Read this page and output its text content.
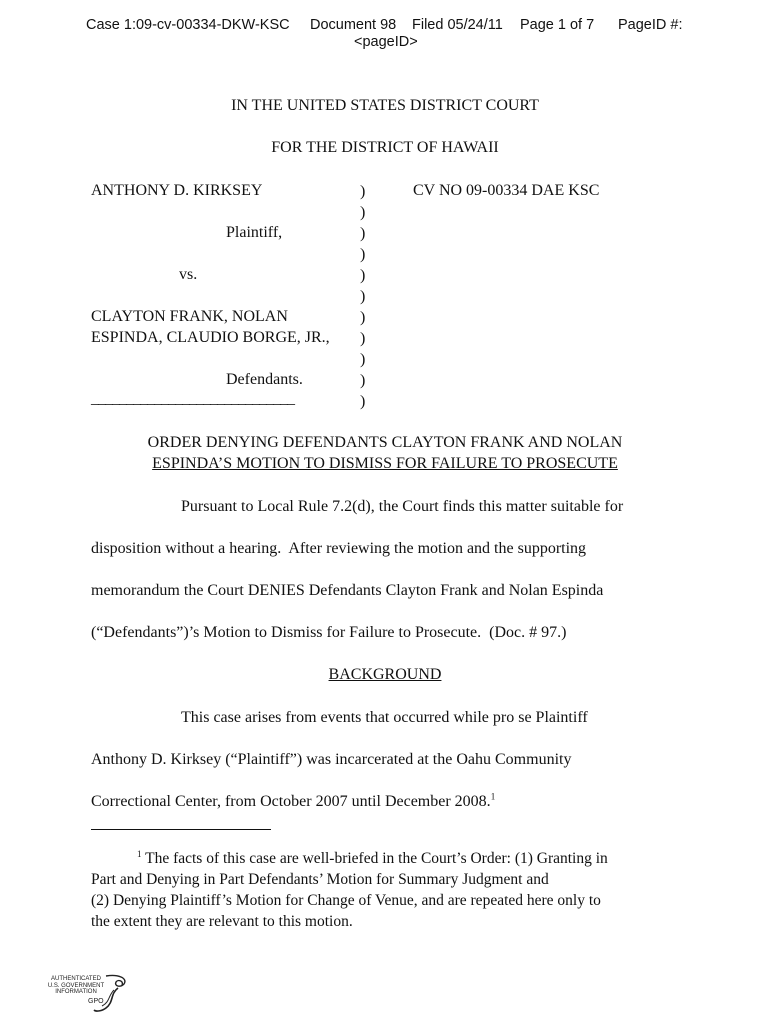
Case 1:09-cv-00334-DKW-KSC Document 98 Filed 05/24/11 Page 1 of 7 PageID #:
<pageID>
IN THE UNITED STATES DISTRICT COURT
FOR THE DISTRICT OF HAWAII
ANTHONY D. KIRKSEY
Plaintiff,
vs.
CLAYTON FRANK, NOLAN
ESPINDA, CLAUDIO BORGE, JR.,
Defendants.
_____________________________
)
)
)
)
)
)
)
)
)
)
)
CV NO 09-00334 DAE KSC
ORDER DENYING DEFENDANTS CLAYTON FRANK AND NOLAN
ESPINDA’S MOTION TO DISMISS FOR FAILURE TO PROSECUTE
Pursuant to Local Rule 7.2(d), the Court finds this matter suitable for
disposition without a hearing.  After reviewing the motion and the supporting
memorandum the Court DENIES Defendants Clayton Frank and Nolan Espinda
(“Defendants”)’s Motion to Dismiss for Failure to Prosecute.  (Doc. # 97.)
BACKGROUND
This case arises from events that occurred while pro se Plaintiff
Anthony D. Kirksey (“Plaintiff”) was incarcerated at the Oahu Community
Correctional Center, from October 2007 until December 2008.$^1$
$^1$ The facts of this case are well-briefed in the Court’s Order: (1) Granting in
Part and Denying in Part Defendants’ Motion for Summary Judgment and
(2) Denying Plaintiff’s Motion for Change of Venue, and are repeated here only to
the extent they are relevant to this motion.
AUTHENTICATED
U.S. GOVERNMENT
INFORMATION
GPO
